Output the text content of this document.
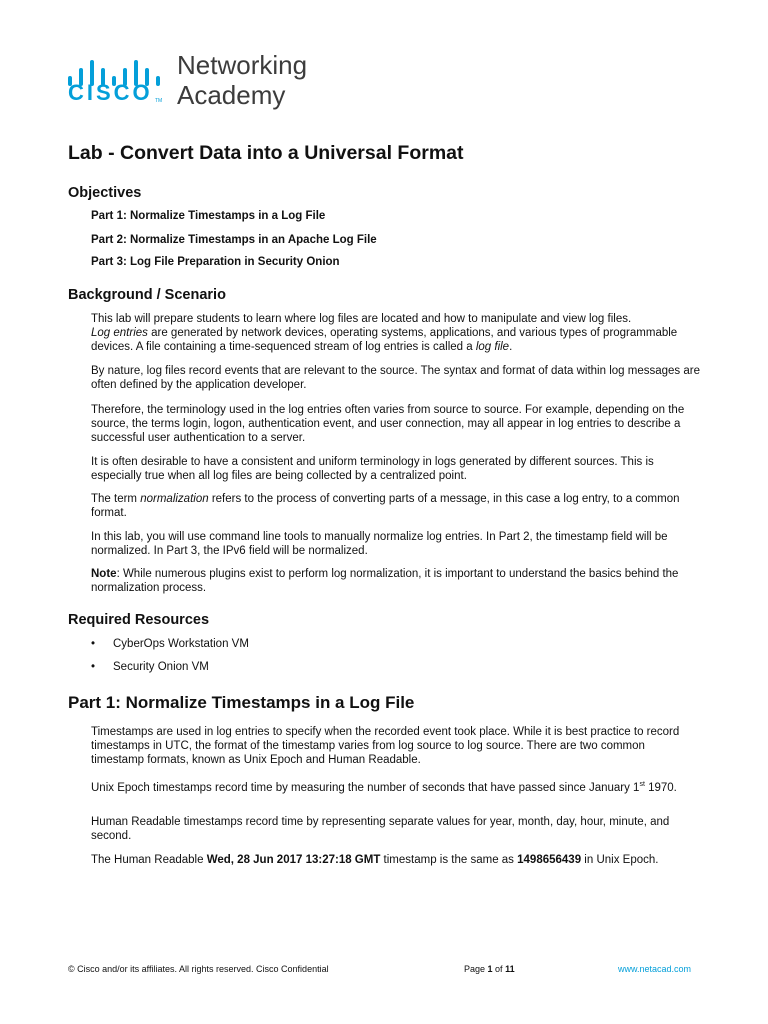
CISCO TM
Networking
Academy
Lab - Convert Data into a Universal Format
Objectives
Part 1: Normalize Timestamps in a Log File
Part 2: Normalize Timestamps in an Apache Log File
Part 3: Log File Preparation in Security Onion
Background / Scenario

This lab will prepare students to learn where log files are located and how to manipulate and view log files.
Log entries are generated by network devices, operating systems, applications, and various types of programmable devices. A file containing a time-sequenced stream of log entries is called a log file.

By nature, log files record events that are relevant to the source. The syntax and format of data within log messages are often defined by the application developer.

Therefore, the terminology used in the log entries often varies from source to source. For example, depending on the source, the terms login, logon, authentication event, and user connection, may all appear in log entries to describe a successful user authentication to a server.

It is often desirable to have a consistent and uniform terminology in logs generated by different sources. This is especially true when all log files are being collected by a centralized point.

The term normalization refers to the process of converting parts of a message, in this case a log entry, to a common format.

In this lab, you will use command line tools to manually normalize log entries. In Part 2, the timestamp field will be normalized. In Part 3, the IPv6 field will be normalized.

Note: While numerous plugins exist to perform log normalization, it is important to understand the basics behind the normalization process.

Required Resources
• CyberOps Workstation VM
• Security Onion VM
Part 1: Normalize Timestamps in a Log File

Timestamps are used in log entries to specify when the recorded event took place. While it is best practice to record timestamps in UTC, the format of the timestamp varies from log source to log source. There are two common timestamp formats, known as Unix Epoch and Human Readable.

Unix Epoch timestamps record time by measuring the number of seconds that have passed since January 1st 1970.

Human Readable timestamps record time by representing separate values for year, month, day, hour, minute, and second.

The Human Readable Wed, 28 Jun 2017 13:27:18 GMT timestamp is the same as 1498656439 in Unix Epoch.

© Cisco and/or its affiliates. All rights reserved. Cisco Confidential	Page 1 of 11	www.netacad.com
